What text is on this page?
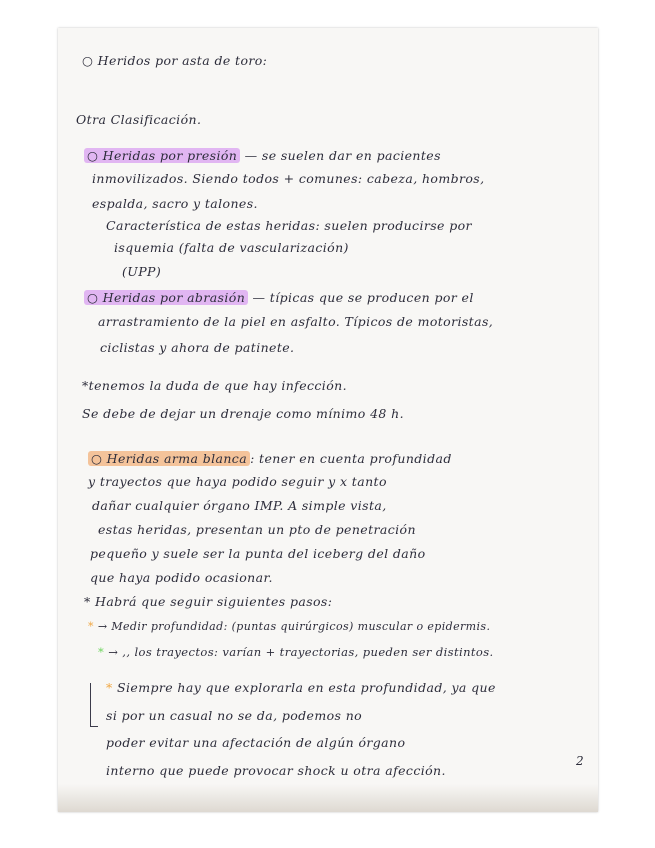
○ Heridos por asta de toro:
Otra Clasificación.
○ Heridas por presión — se suelen dar en pacientes
inmovilizados. Siendo todos + comunes: cabeza, hombros,
espalda, sacro y talones.
Característica de estas heridas: suelen producirse por
isquemia (falta de vascularización)
(UPP)
○ Heridas por abrasión — típicas que se producen por el
arrastramiento de la piel en asfalto. Típicos de motoristas,
ciclistas y ahora de patinete.
*tenemos la duda de que hay infección.
Se debe de dejar un drenaje como mínimo 48 h.
○ Heridas arma blanca : tener en cuenta profundidad
y trayectos que haya podido seguir y x tanto
dañar cualquier órgano IMP. A simple vista,
estas heridas, presentan un pto de penetración
pequeño y suele ser la punta del iceberg del daño
que haya podido ocasionar.
* Habrá que seguir siguientes pasos:
* → Medir profundidad: (puntas quirúrgicos) muscular o epidermis.
* → ,, los trayectos: varían + trayectorias, pueden ser distintos.
* Siempre hay que explorarla en esta profundidad, ya que
si por un casual no se da, podemos no
poder evitar una afectación de algún órgano
interno que puede provocar shock u otra afección.
2
